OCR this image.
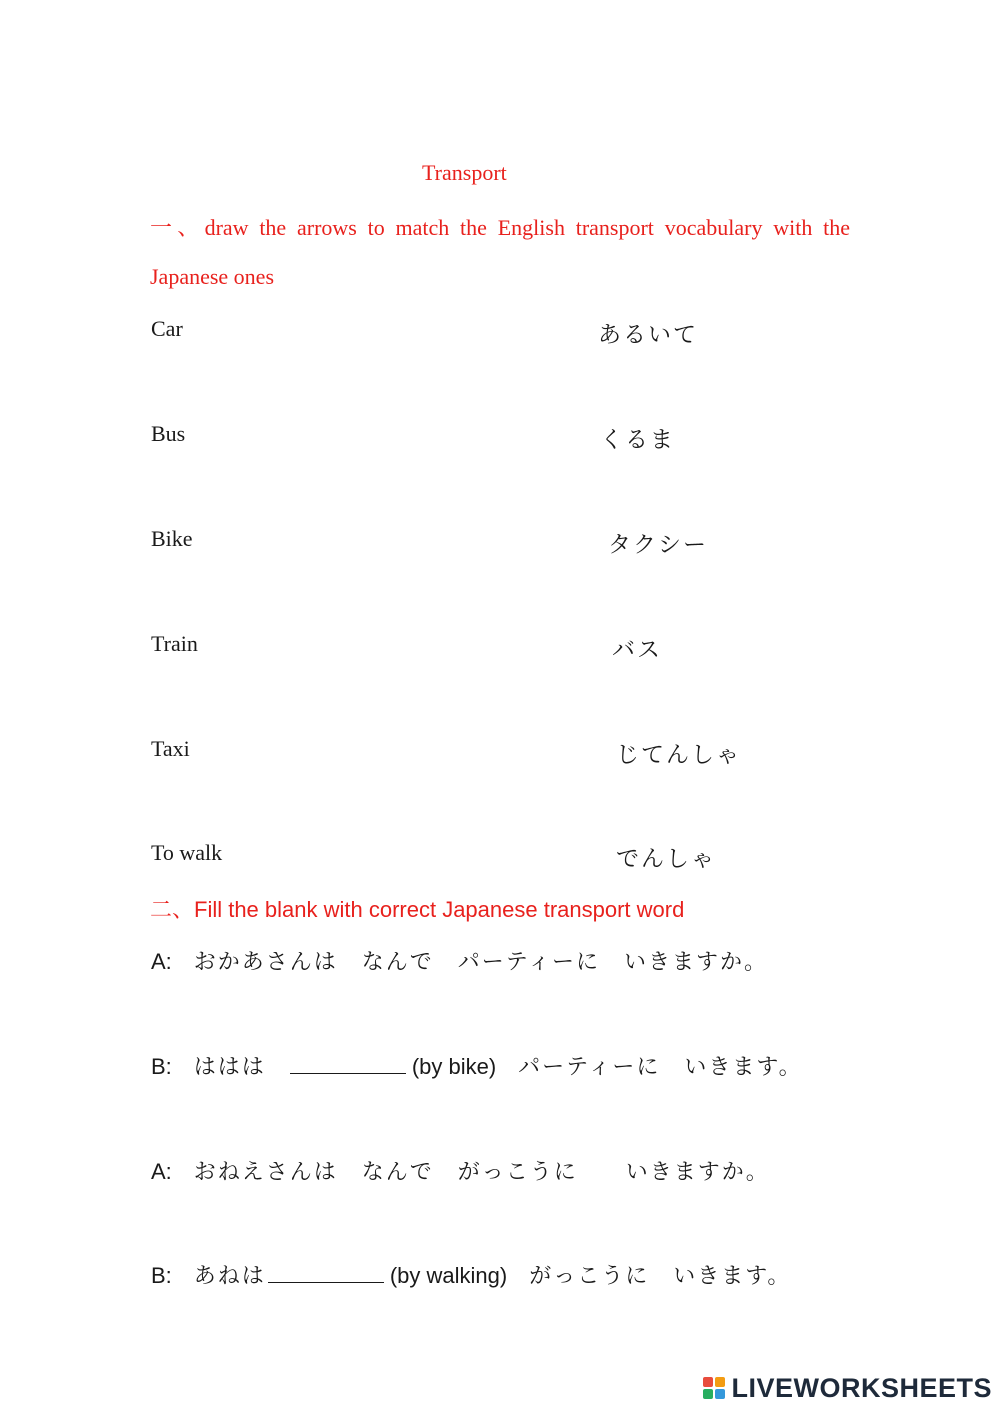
Transport
一、draw the arrows to match the English transport vocabulary with the
Japanese ones
Car
Bus
Bike
Train
Taxi
To walk
あるいて
くるま
タクシー
バス
じてんしゃ
でんしゃ
二、Fill the blank with correct Japanese transport word
A: おかあさんは　なんで　パーティーに　いきますか。
B: ははは	(by bike) パーティーに　いきます。
A: おねえさんは　なんで　がっこうに　　いきますか。
B: あねは	(by walking) がっこうに　いきます。
LIVEWORKSHEETS
